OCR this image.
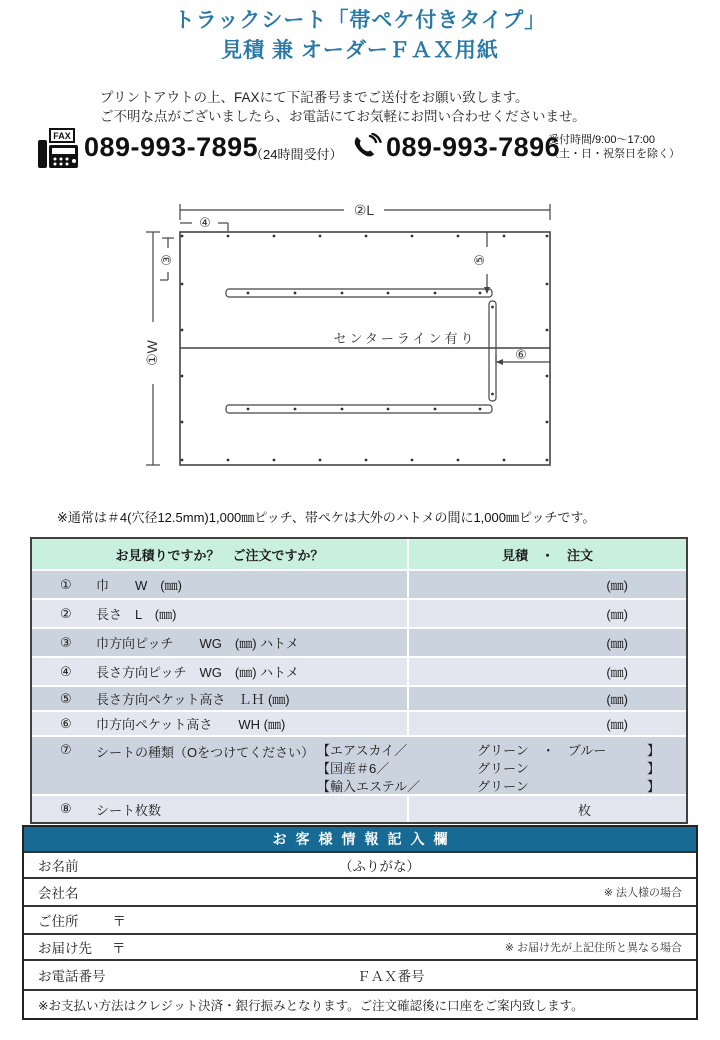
トラックシート「帯ペケ付きタイプ」
見積 兼 オーダーＦＡＸ用紙
プリントアウトの上、FAXにて下記番号までご送付をお願い致します。
ご不明な点がございましたら、お電話にてお気軽にお問い合わせくださいませ。
FAX 089-993-7895
（24時間受付） 089-993-7896
受付時間/9:00～17:00
（土・日・祝祭日を除く）
②L
④
①W
③	⑤
センターライン有り
⑥
※通常は＃4(穴径12.5mm)1,000㎜ピッチ、帯ペケは大外のハトメの間に1,000㎜ピッチです。
お見積りですか？　ご注文ですか？	見積　・　注文
①	巾　　W　(㎜)	(㎜)
②	長さ　L　(㎜)	(㎜)
③	巾方向ピッチ　　WG　(㎜) ハトメ	(㎜)
④	長さ方向ピッチ　WG　(㎜) ハトメ	(㎜)
⑤	長さ方向ペケット高さ　ＬＨ (㎜)	(㎜)
⑥	巾方向ペケット高さ　　WH (㎜)	(㎜)
⑦	シートの種類（Oをつけてください） 【エアスカイ／	グリーン　・　ブルー	】
【国産＃6／	グリーン	】
【輸入エステル／	グリーン	】
⑧	シート枚数	枚
お客様情報記入欄
お名前	（ふりがな）
会社名	※ 法人様の場合
ご住所	〒
お届け先 〒	※ お届け先が上記住所と異なる場合
お電話番号	ＦＡＸ番号
※お支払い方法はクレジット決済・銀行振みとなります。ご注文確認後に口座をご案内致します。
